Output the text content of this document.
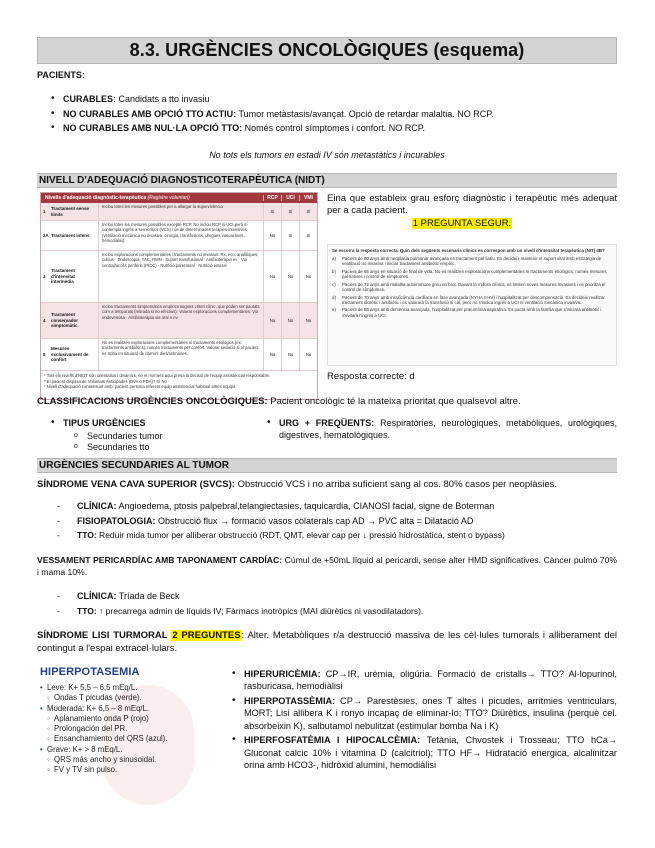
8.3. URGÈNCIES ONCOLÒGIQUES (esquema)
PACIENTS:
• CURABLES: Candidats a tto invasiu
• NO CURABLES AMB OPCIÓ TTO ACTIU: Tumor metàstasis/avançat. Opció de retardar malaltia. NO RCP.
• NO CURABLES AMB NUL·LA OPCIÓ TTO: Només control símptomes i confort. NO RCP.
No tots els tumors en estadi IV són metastàtics i incurables
NIVELL D'ADEQUACIÓ DIAGNOSTICOTERAPÈUTICA (NIDT)
Nivells d'adequació diagnòstic-terapèutica (Registre voluntari)	RCP	UCI	VMI
1
Tractament sense límits
Inclou totes les mesures possibles per a allargar la supervivència
Sí	Sí	Sí
2A Tractament intens
Inclou totes les mesures possibles excepte RCP. No inclou RCP ni UCI però sí contempla ingrés a semicrítics (VCS) i ús de determinades teràpies intensives (ventilació mecànica no invasiva, cirurgia, transfusions, drogues vasoactives, hemodiàlisi).
No	Sí	Sí
3
Tractament d'intensitat intermèdia
Inclou exploracions complementàries i tractaments no invasius: Rx, eco, analítiques, cultius · Endoscòpia, TAC, RMN · Suport transfusional · Antibioteràpia ev · Via central/accés perifèric (PICC) · Nutrició parenteral · Nutrició enteral
No	No	No
4
Tractament conservador simptomàtic
Inclou tractaments simptomàtics empírics segons criteri clínic, que poden ser pautats com a temporals (retirada si no efectius). Valorar exploracions complementàries: Via endovenosa · Antibioteràpia via oral o ev
No	No	No
5
Mesures exclusivament de confort
No es realitzen exploracions complementàries ni tractaments etiològics (ex: tractaments antibiòtics), només tractaments per confort. Valorar sedació si el pacient es troba en situació de darrers dies/setmanes.	No	No	No
* Tots els nivells d'NIDT són orientatius i dinàmics, en el moment aquí presa la decisió de l'equip assistencial responsable.
* El pacient disposa de Voluntats Anticipades (DVA o PDA)? Sí No
* Nivell d'adequació consensuat amb: pacient persona referent equip assistencial habitual altres equips
Eina que estableix grau esforç diagnòstic i terapèutic més adequat per a cada pacient.
1 PREGUNTA SEGUR.

Se escorra la resposta correcta. Quin dels següents escenaris clínics es correspon amb un nivell d'intensitat terapèutica (NIT) 4B?

a)	Pacient de 60 anys amb neoplàsia pulmonar avançada en tractament pal·liatiu. Es decideix mantenir el suport vital amb estratègia de ventilació no invasiva i iniciar tractament antibiòtic empíric.
b)	Pacient de 65 anys en situació de final de vida. No es realitzen exploracions complementàries ni tractaments etiològics, només mesures pal·liatives i control de símptomes.
c)	Pacient de 72 anys amb malaltia autoimmune greu en brot. Davant la millora clínica, es limiten noves mesures invasives i es prioritza el control de símptomes.
d)	Pacient de 70 anys amb insuficiència cardíaca en fase avançada (NYHA III-IV) i hospitalitzat per descompensació. Es decideix realitzar tractament diürètic i antibiòtic i es valorarà la transfusió si cal, però no s'indica ingrés a UCI ni ventilació mecànica invasiva.
e)	Pacient de 85 anys amb demència avançada, hospitalitzat per pneumònia aspirativa. Es pacta amb la família que s'iniciarà antibiòtic i s'evitarà l'ingrés a UCI.
Resposta correcte: d
CLASSIFICACIONS URGÈNCIES ONCOLÒGIQUES: Pacient oncològic té la mateixa prioritat que qualsevol altre.
• TIPUS URGÈNCIES
o Secundaries tumor
o Secundaries tto
• URG + FREQÜENTS: Respiratòries, neurològiques, metabòliques, urològiques, digestives, hematològiques.
URGÈNCIES SECUNDARIES AL TUMOR
SÍNDROME VENA CAVA SUPERIOR (SVCS): Obstrucció VCS i no arriba suficient sang al cos. 80% casos per neoplàsies.
- CLÍNICA: Angioedema, ptosis palpebral,telangiectasies, taquicardia, CIANOSI facial, signe de Boterman
- FISIOPATOLOGIA: Obstrucció flux → formació vasos colaterals cap AD → PVC alta = Dilatació AD
- TTO: Reduir mida tumor per alliberar obstrucció (RDT, QMT, elevar cap per ↓ pressió hidrostàtica, stent o bypass)
VESSAMENT PERICARDÍAC AMB TAPONAMENT CARDÍAC: Cúmul de +50mL líquid al pericardi, sense alter HMD significatives. Càncer pulmó 70% i mama 10%.
- CLÍNICA: Tríada de Beck
- TTO: ↑ precarrega admin de líquids IV; Fàrmacs inotròpics (MAI diürètics ni vasodilatadors).
SÍNDROME LISI TURMORAL 2 PREGUNTES: Alter. Metabòliques r/a destrucció massiva de les cèl·lules tumorals i alliberament del contingut a l'espai extracel·lulars.
HIPERPOTASEMIA
• Leve: K+ 5,5 – 6,5 mEq/L.
◦ Ondas T picudas (verde).
• Moderada: K+ 6,5 – 8 mEq/L.
◦ Aplanamiento onda P (rojo)
◦ Prolongación del PR.
◦ Ensanchamiento del QRS (azul).
• Grave: K+ > 8 mEq/L.
◦ QRS más ancho y sinusoidal.
◦ FV y TV sin pulso.
• HIPERURICÈMIA: CP→IR, urèmia, oligúria. Formació de cristalls→ TTO? Al·lopurinol, rasburicasa, hemodiàlisi
• HIPERPOTASSÈMIA: CP→ Parestèsies, ones T altes i picudes, arritmies ventriculars, MORT; Lisi allibera K i ronyo incapaç de eliminar-lo; TTO? Diürètics, insulina (perquè cel. absorbeixin K), salbutamol nebulitzat (estimular bomba Na i K)
• HIPERFOSFATÈMIA I HIPOCALCÈMIA: Tetània, Chvostek i Trosseau; TTO hCa→ Gluconat calcic 10% i vitamina D (calcitriol); TTO HF→ Hidratació energica, alcalinitzar orina amb HCO3-, hidròxid alumini, hemodiàlisi
